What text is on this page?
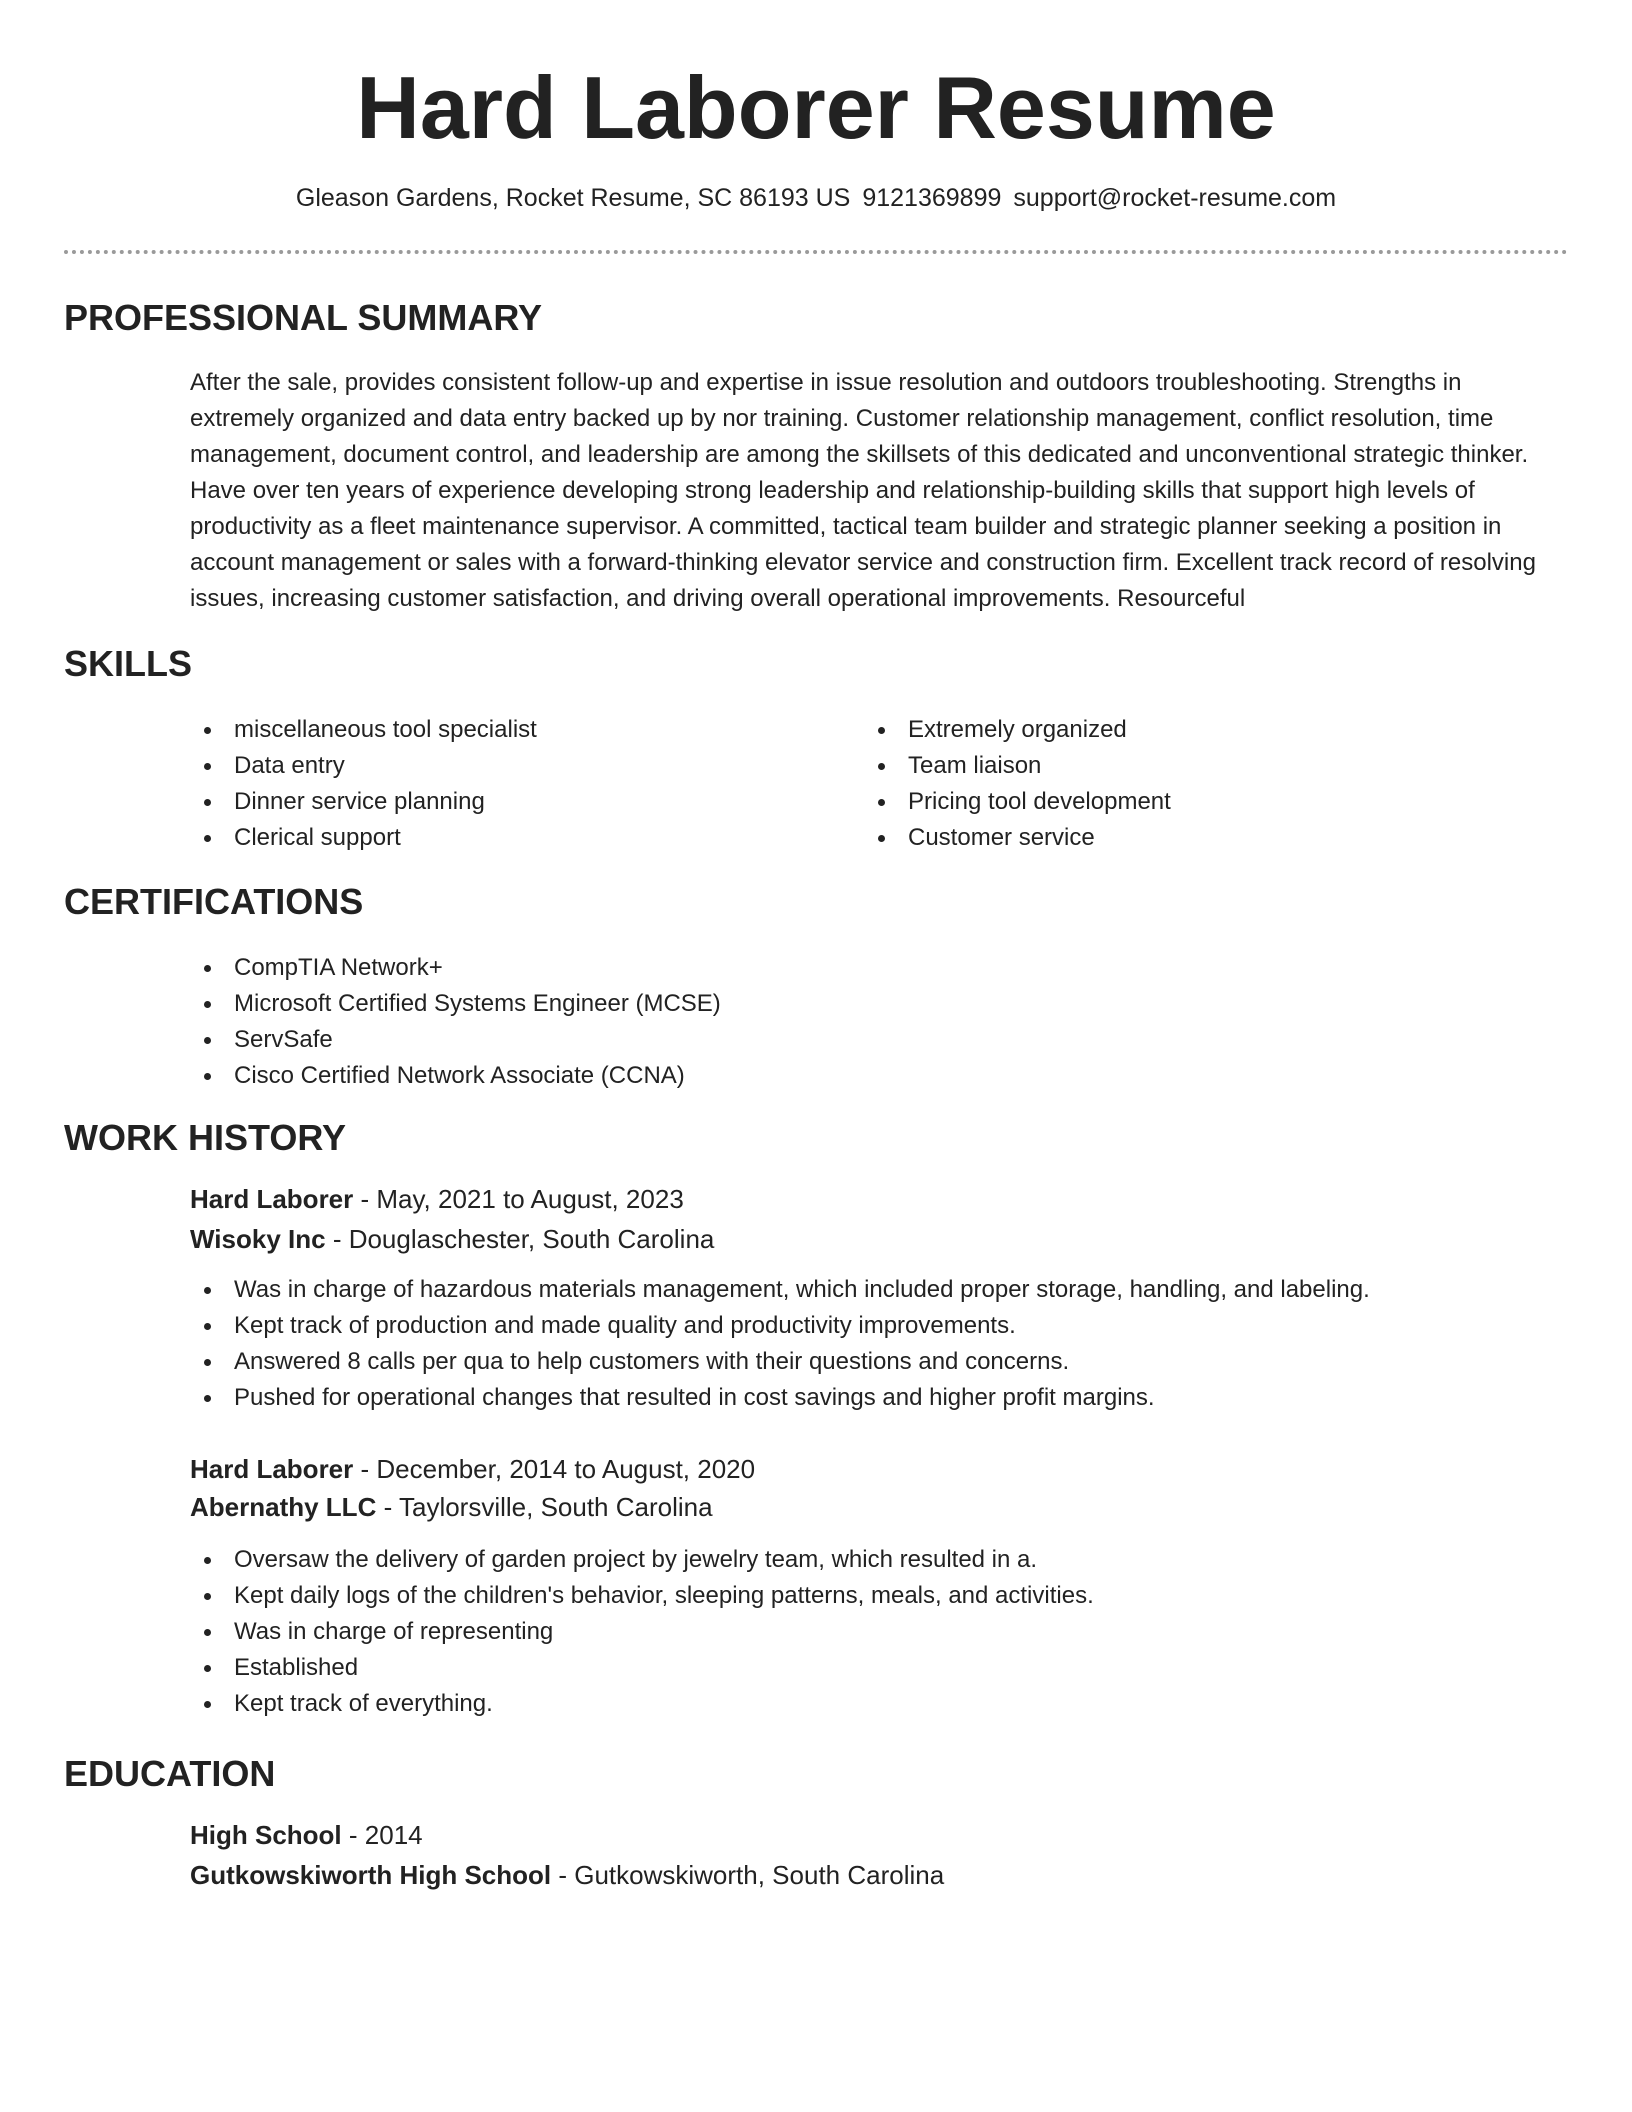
Hard Laborer Resume
Gleason Gardens, Rocket Resume, SC 86193 US 9121369899 support@rocket-resume.com
PROFESSIONAL SUMMARY

After the sale, provides consistent follow-up and expertise in issue resolution and outdoors troubleshooting. Strengths in extremely organized and data entry backed up by nor training. Customer relationship management, conflict resolution, time management, document control, and leadership are among the skillsets of this dedicated and unconventional strategic thinker. Have over ten years of experience developing strong leadership and relationship-building skills that support high levels of productivity as a fleet maintenance supervisor. A committed, tactical team builder and strategic planner seeking a position in account management or sales with a forward-thinking elevator service and construction firm. Excellent track record of resolving issues, increasing customer satisfaction, and driving overall operational improvements. Resourceful

SKILLS
miscellaneous tool specialist
Data entry
Dinner service planning
Clerical support
Extremely organized
Team liaison
Pricing tool development
Customer service
CERTIFICATIONS
CompTIA Network+
Microsoft Certified Systems Engineer (MCSE)
ServSafe
Cisco Certified Network Associate (CCNA)
WORK HISTORY
Hard Laborer - May, 2021 to August, 2023
Wisoky Inc - Douglaschester, South Carolina
Was in charge of hazardous materials management, which included proper storage, handling, and labeling.
Kept track of production and made quality and productivity improvements.
Answered 8 calls per qua to help customers with their questions and concerns.
Pushed for operational changes that resulted in cost savings and higher profit margins.
Hard Laborer - December, 2014 to August, 2020
Abernathy LLC - Taylorsville, South Carolina
Oversaw the delivery of garden project by jewelry team, which resulted in a.
Kept daily logs of the children's behavior, sleeping patterns, meals, and activities.
Was in charge of representing
Established
Kept track of everything.
EDUCATION
High School - 2014
Gutkowskiworth High School - Gutkowskiworth, South Carolina
